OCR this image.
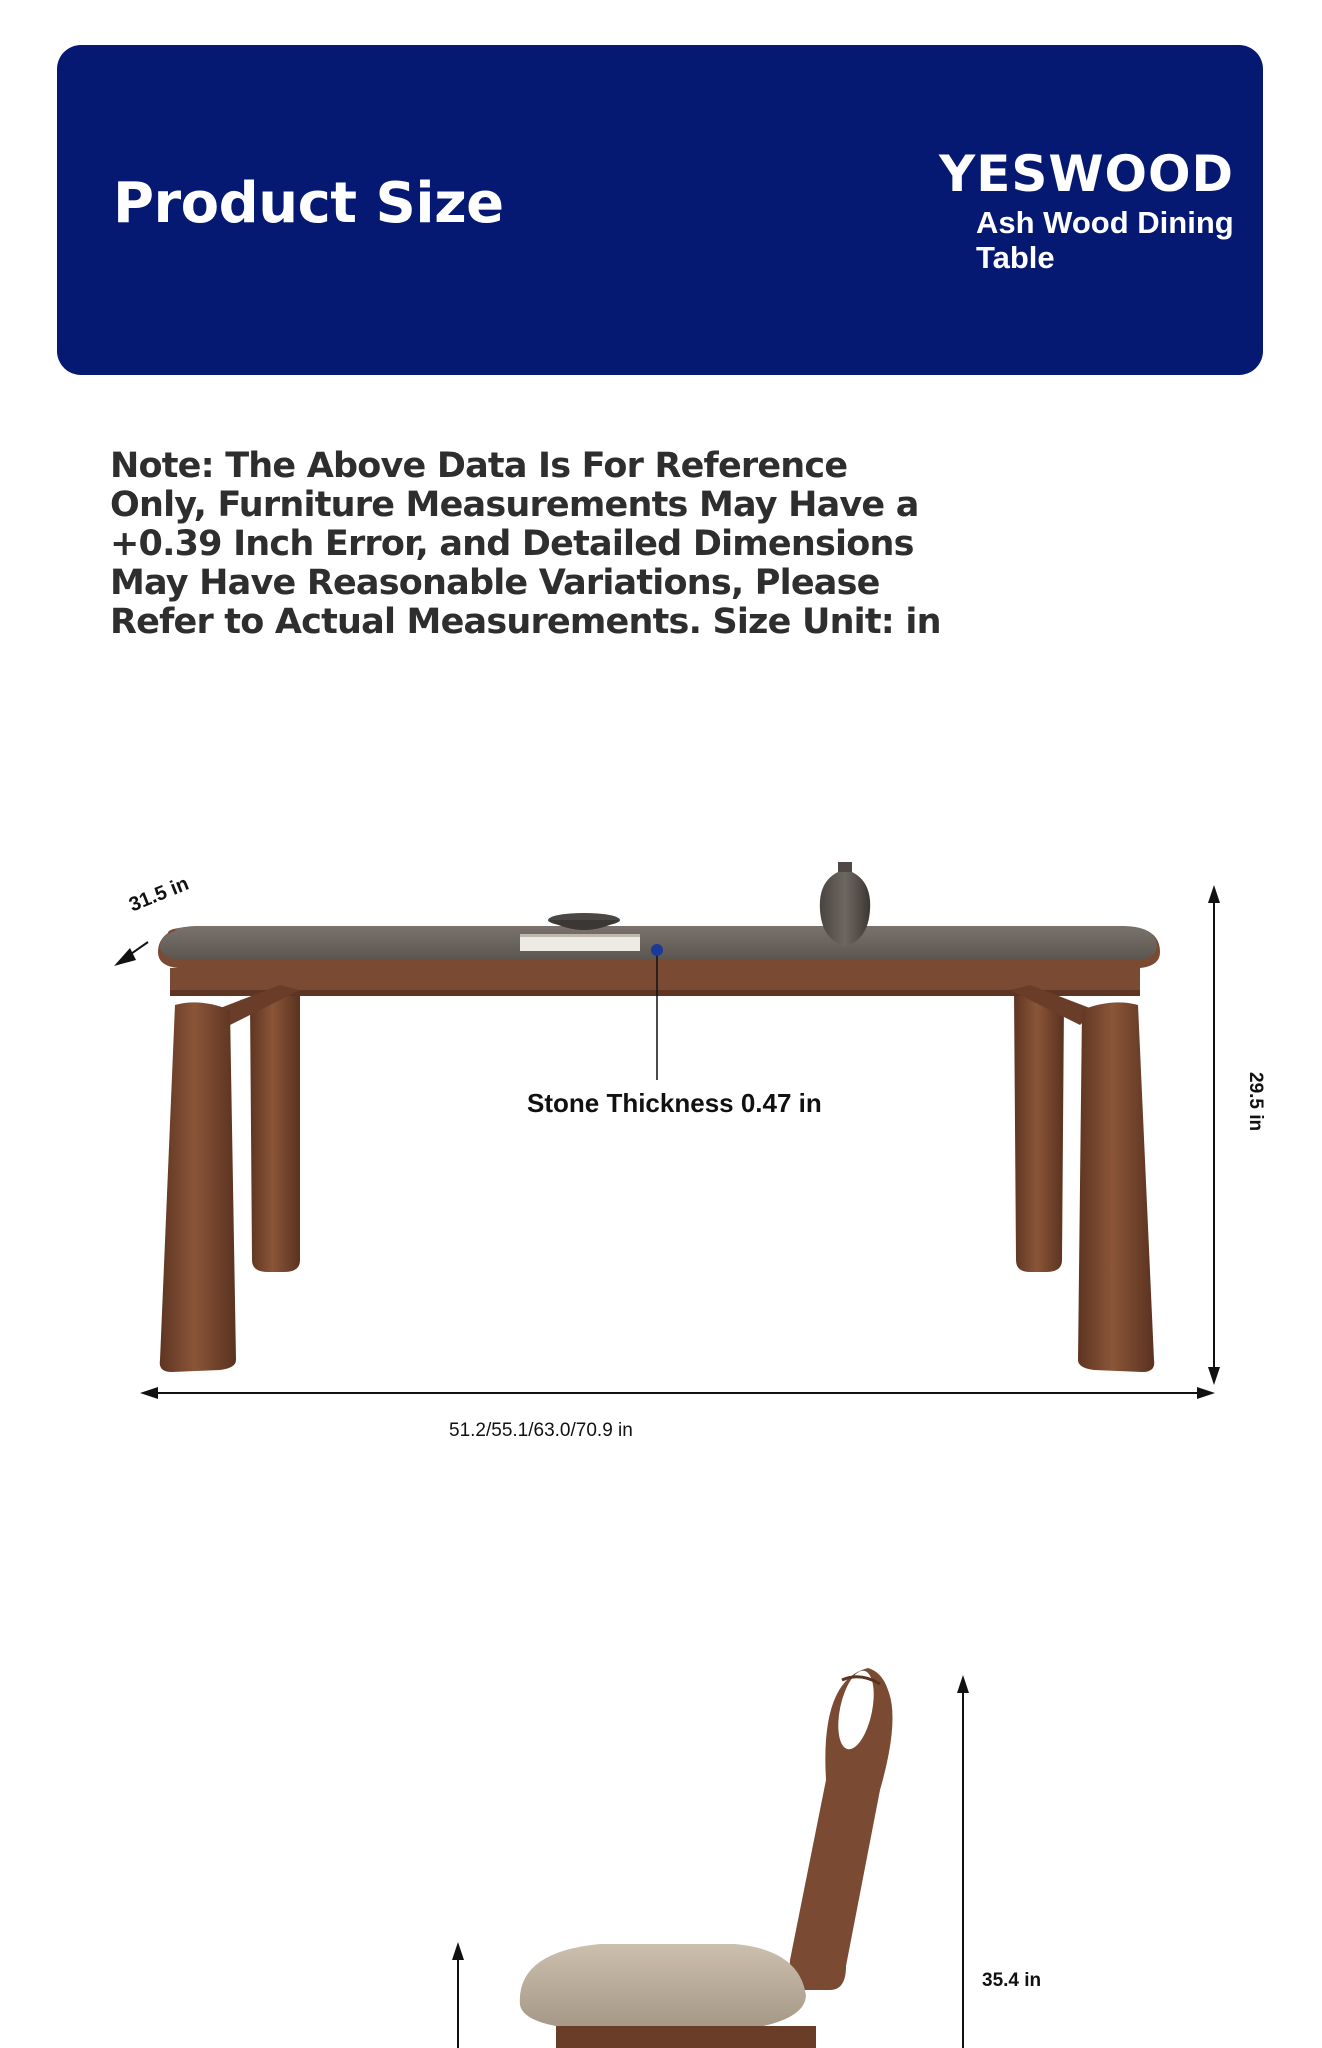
Product Size	YESWOOD
Ash Wood Dining Table
Note: The Above Data Is For Reference Only, Furniture Measurements May Have a +0.39 Inch Error, and Detailed Dimensions May Have Reasonable Variations, Please Refer to Actual Measurements. Size Unit: in
31.5 in
Stone Thickness 0.47 in
51.2/55.1/63.0/70.9 in
29.5 in
35.4 in
